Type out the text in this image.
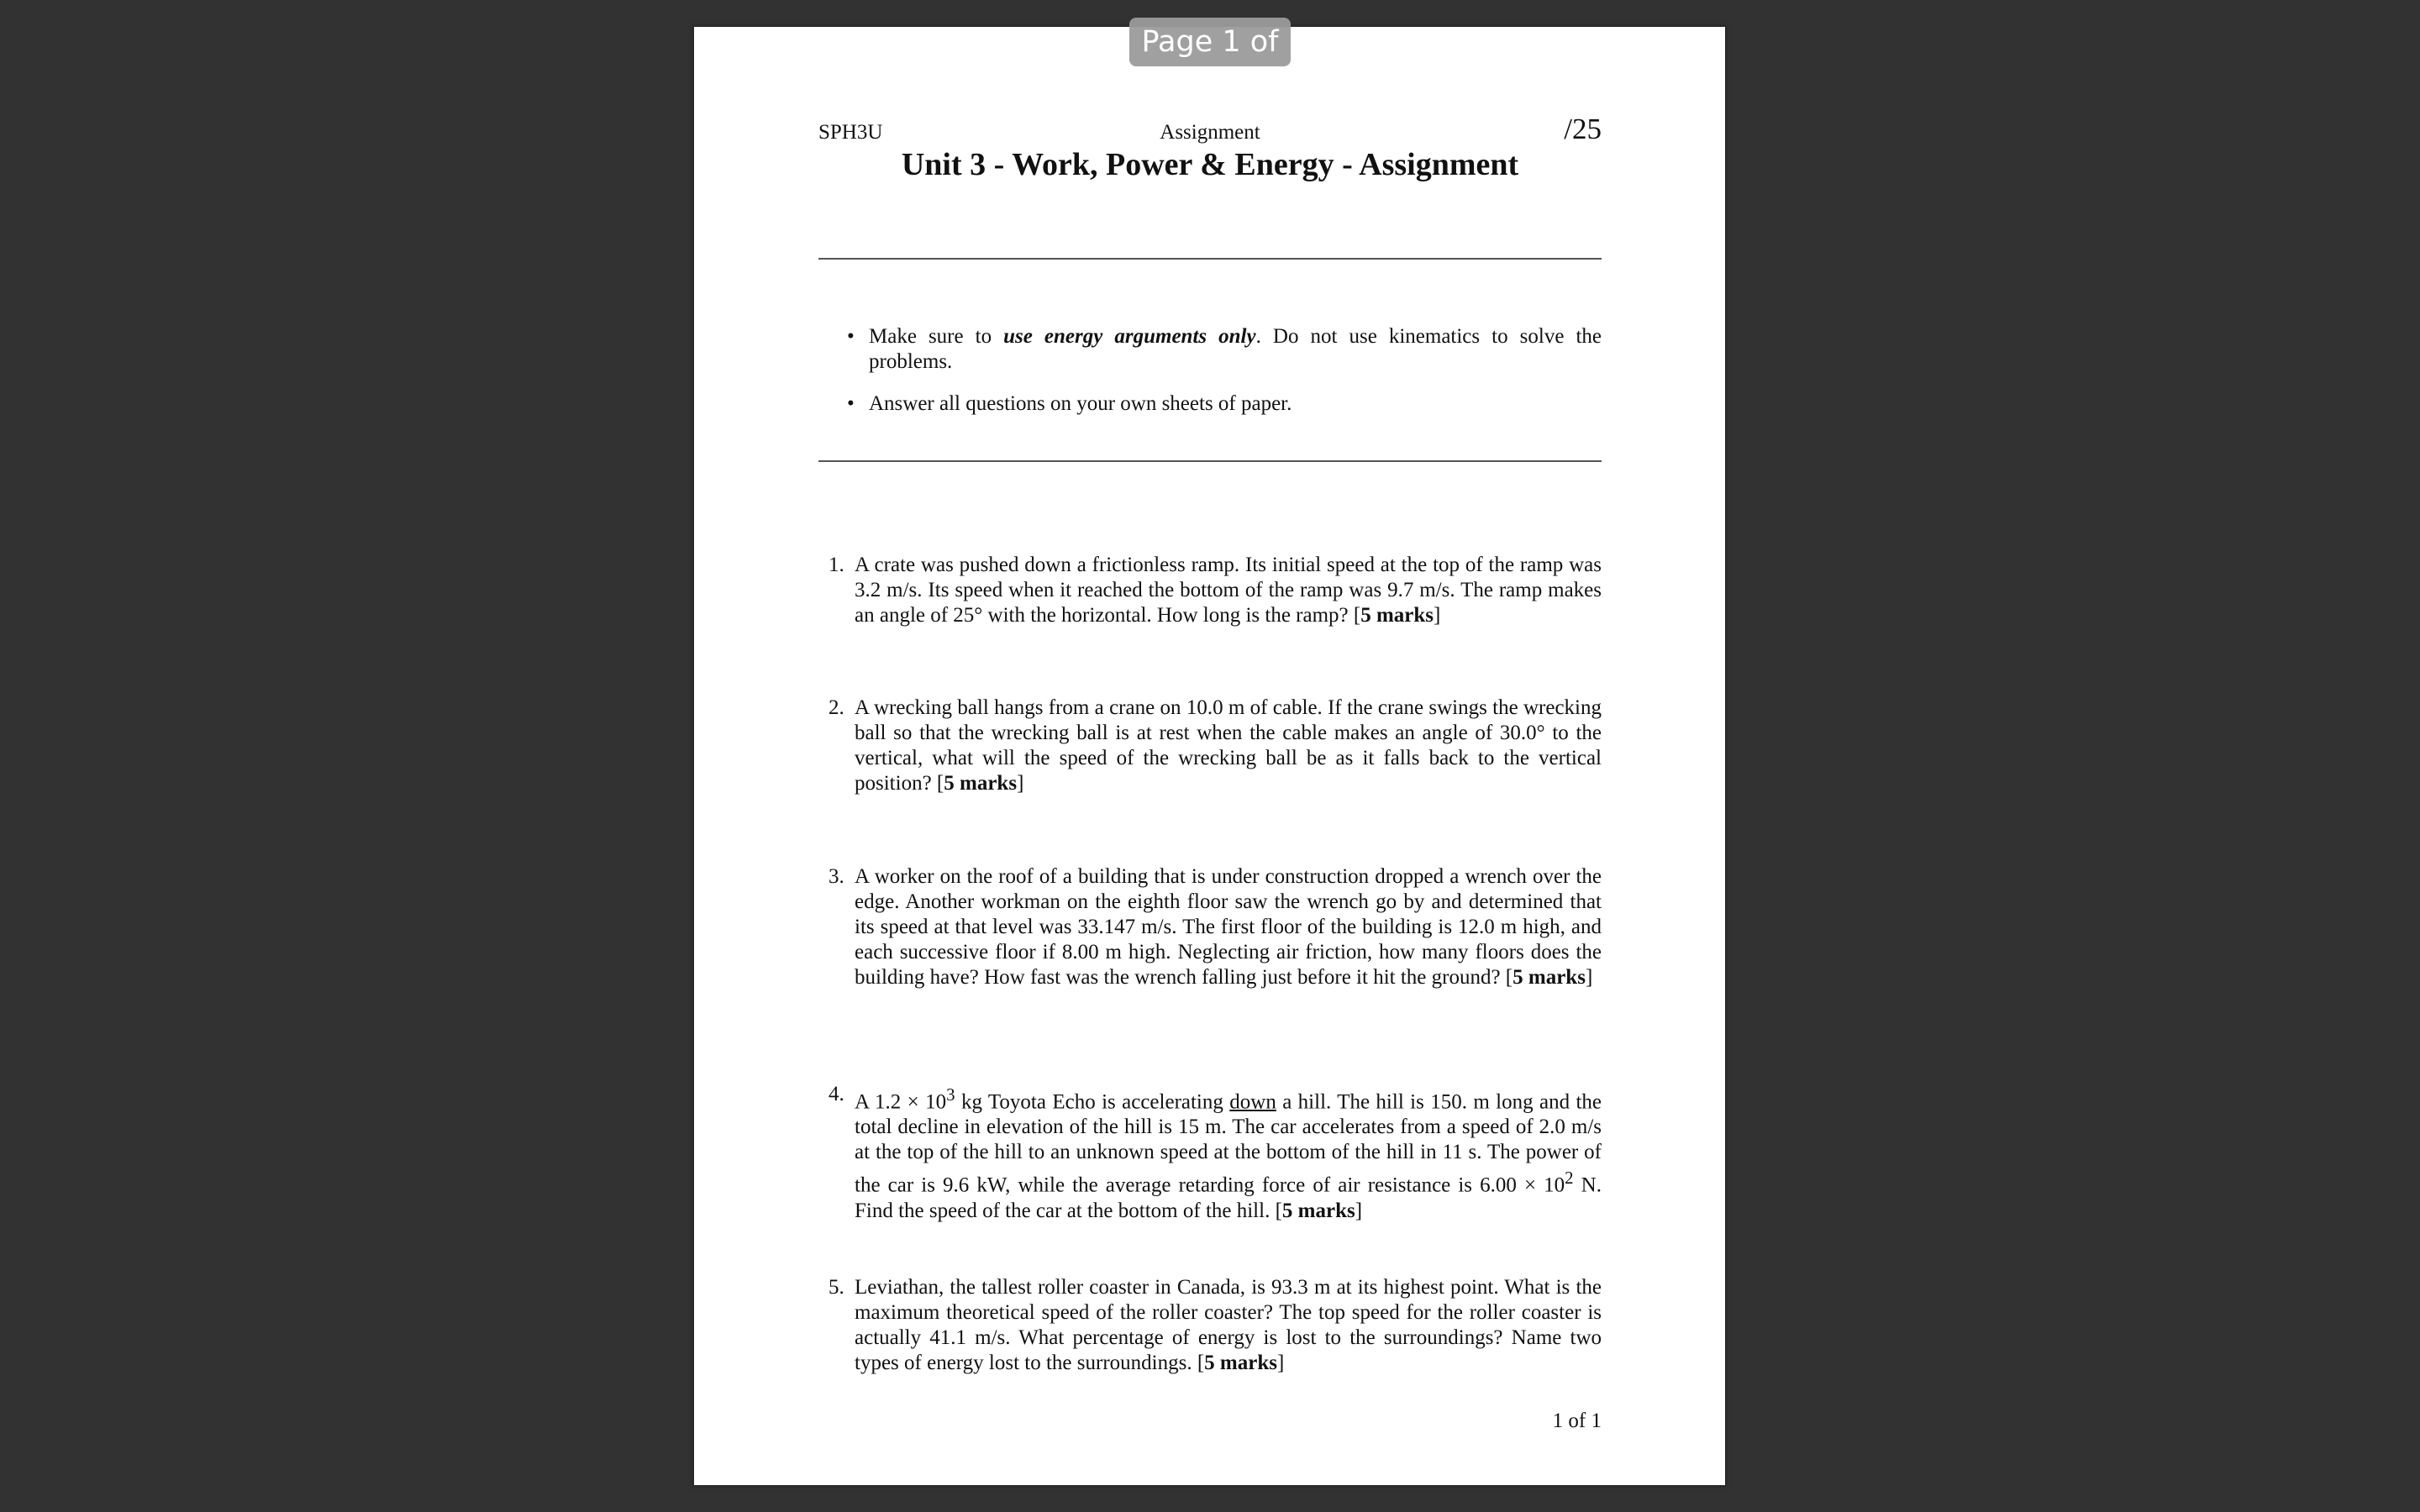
SPH3U	Assignment	/25
Unit 3 - Work, Power & Energy - Assignment
• Make sure to use energy arguments only. Do not use kinematics to solve the problems.
• Answer all questions on your own sheets of paper.
1. A crate was pushed down a frictionless ramp. Its initial speed at the top of the ramp was 3.2 m/s. Its speed when it reached the bottom of the ramp was 9.7 m/s. The ramp makes an angle of 25° with the horizontal. How long is the ramp? [5 marks]
2. A wrecking ball hangs from a crane on 10.0 m of cable. If the crane swings the wrecking ball so that the wrecking ball is at rest when the cable makes an angle of 30.0° to the vertical, what will the speed of the wrecking ball be as it falls back to the vertical position? [5 marks]
3. A worker on the roof of a building that is under construction dropped a wrench over the edge. Another workman on the eighth floor saw the wrench go by and determined that its speed at that level was 33.147 m/s. The first floor of the building is 12.0 m high, and each successive floor if 8.00 m high. Neglecting air friction, how many floors does the building have? How fast was the wrench falling just before it hit the ground? [5 marks]
4. A $1.2 \times 10^3$ kg Toyota Echo is accelerating down a hill. The hill is 150. m long and the total decline in elevation of the hill is 15 m. The car accelerates from a speed of 2.0 m/s at the top of the hill to an unknown speed at the bottom of the hill in 11 s. The power of the car is 9.6 kW, while the average retarding force of air resistance is $6.00 \times 10^2$ N. Find the speed of the car at the bottom of the hill. [5 marks]
5. Leviathan, the tallest roller coaster in Canada, is 93.3 m at its highest point. What is the maximum theoretical speed of the roller coaster? The top speed for the roller coaster is actually 41.1 m/s. What percentage of energy is lost to the surroundings? Name two types of energy lost to the surroundings. [5 marks]
1 of 1
Page 1 of 1
